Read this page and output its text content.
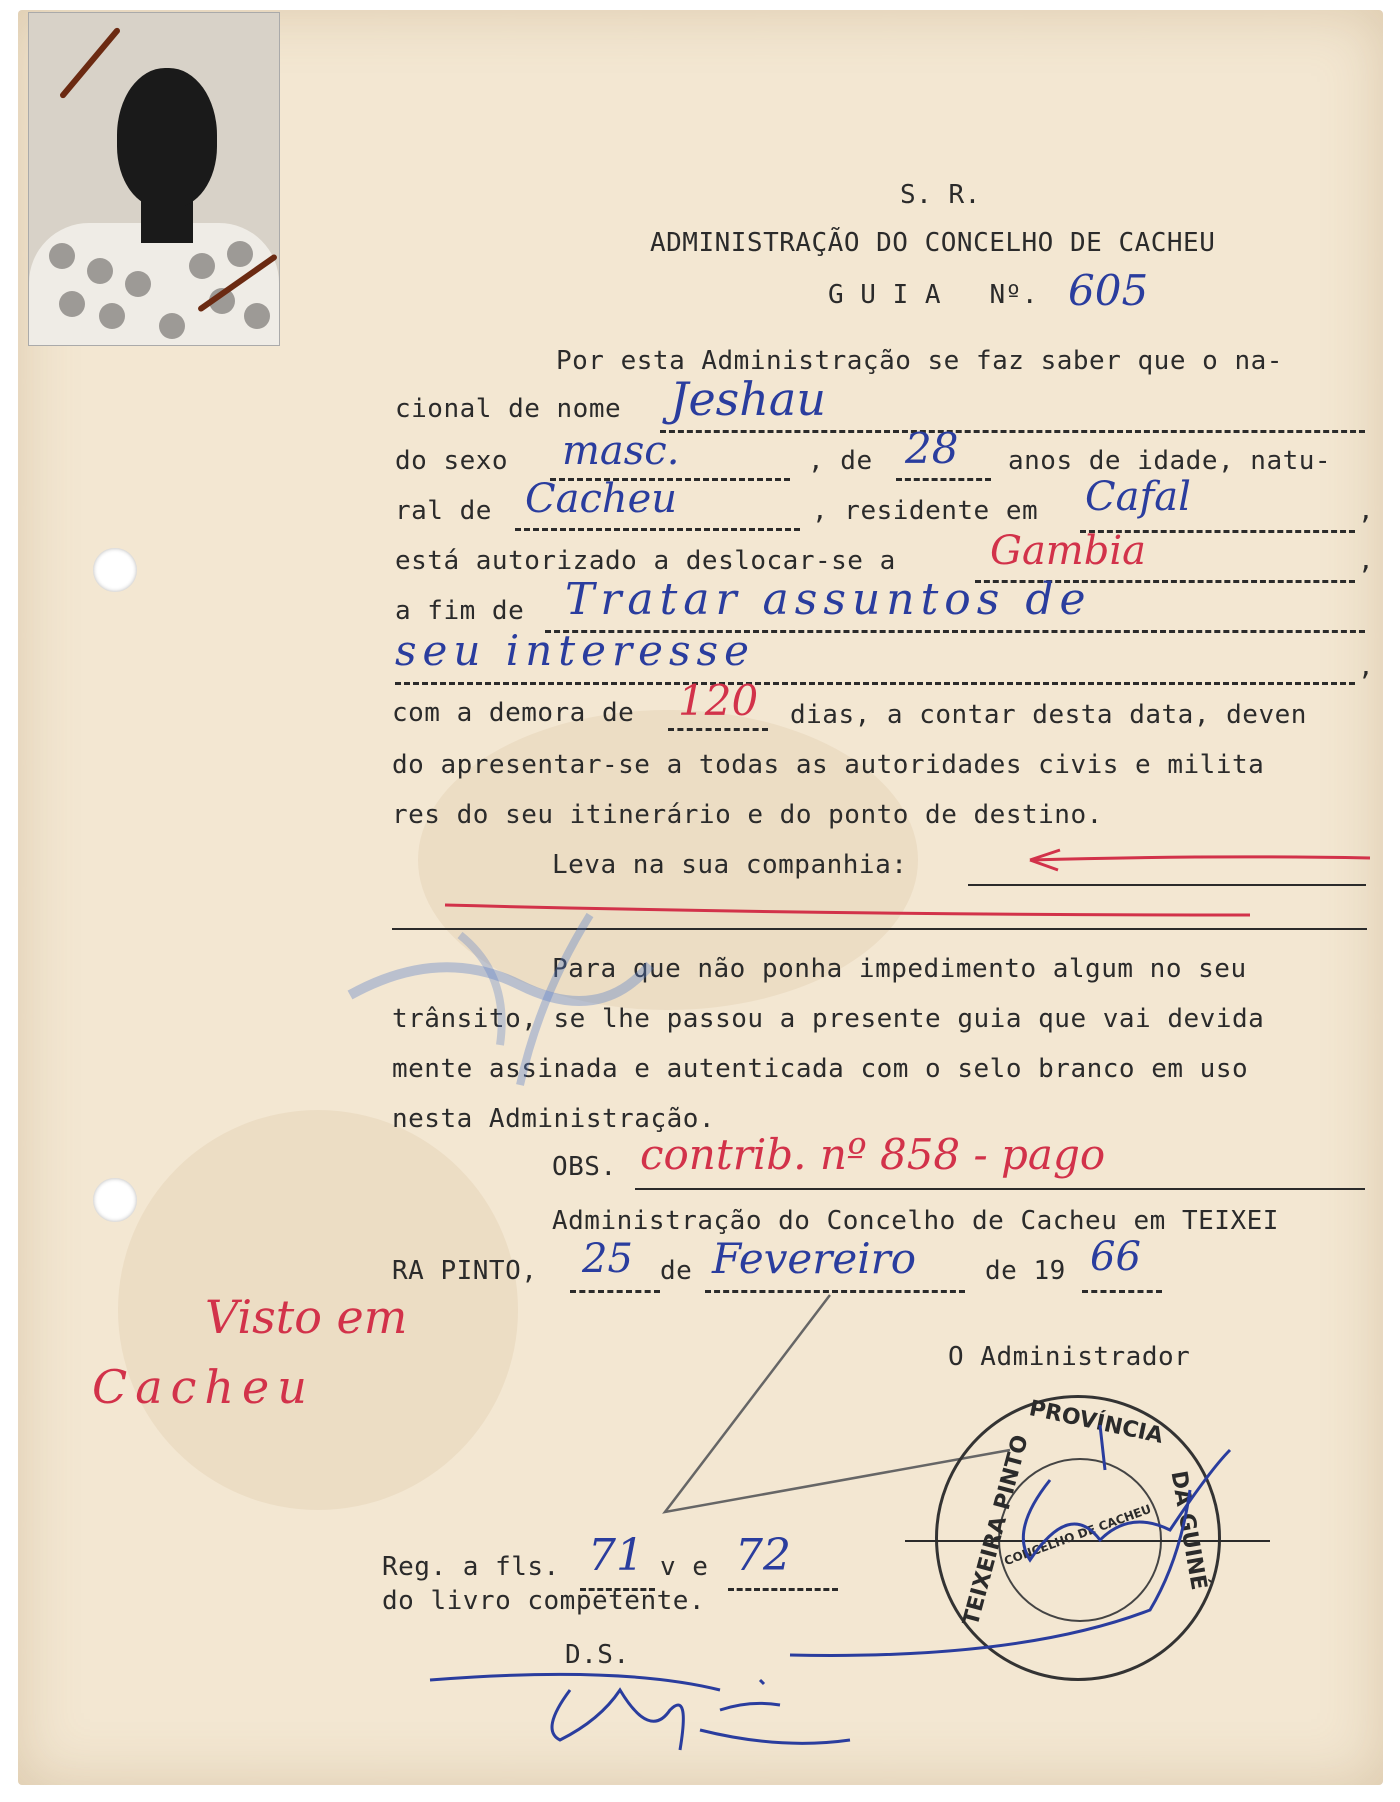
S. R.
ADMINISTRAÇÃO DO CONCELHO DE CACHEU
G U I A   Nº. 605
Por esta Administração se faz saber que o na-
cional de nome Jeshau
do sexo masc.	, de 28 anos de idade, natu-
ral de Cacheu	, residente em Cafal	,
está autorizado a deslocar-se a Gambia	,
a fim de Tratar assuntos de
seu interesse	,
com a demora de 120 dias, a contar desta data, deven
do apresentar-se a todas as autoridades civis e milita
res do seu itinerário e do ponto de destino.
Leva na sua companhia:
Para que não ponha impedimento algum no seu
trânsito, se lhe passou a presente guia que vai devida
mente assinada e autenticada com o selo branco em uso
nesta Administração.
OBS. contrib. nº 858 - pago
Administração do Concelho de Cacheu em TEIXEI
RA PINTO, 25 de Fevereiro	de 19 66
Visto em
Cacheu
O Administrador
PROVÍNCIA
TEIXEIRA PINTO	DA GUINÉ
CONCELHO DE CACHEU
Reg. a fls. 71 v e 72
do livro competente.
D.S.
